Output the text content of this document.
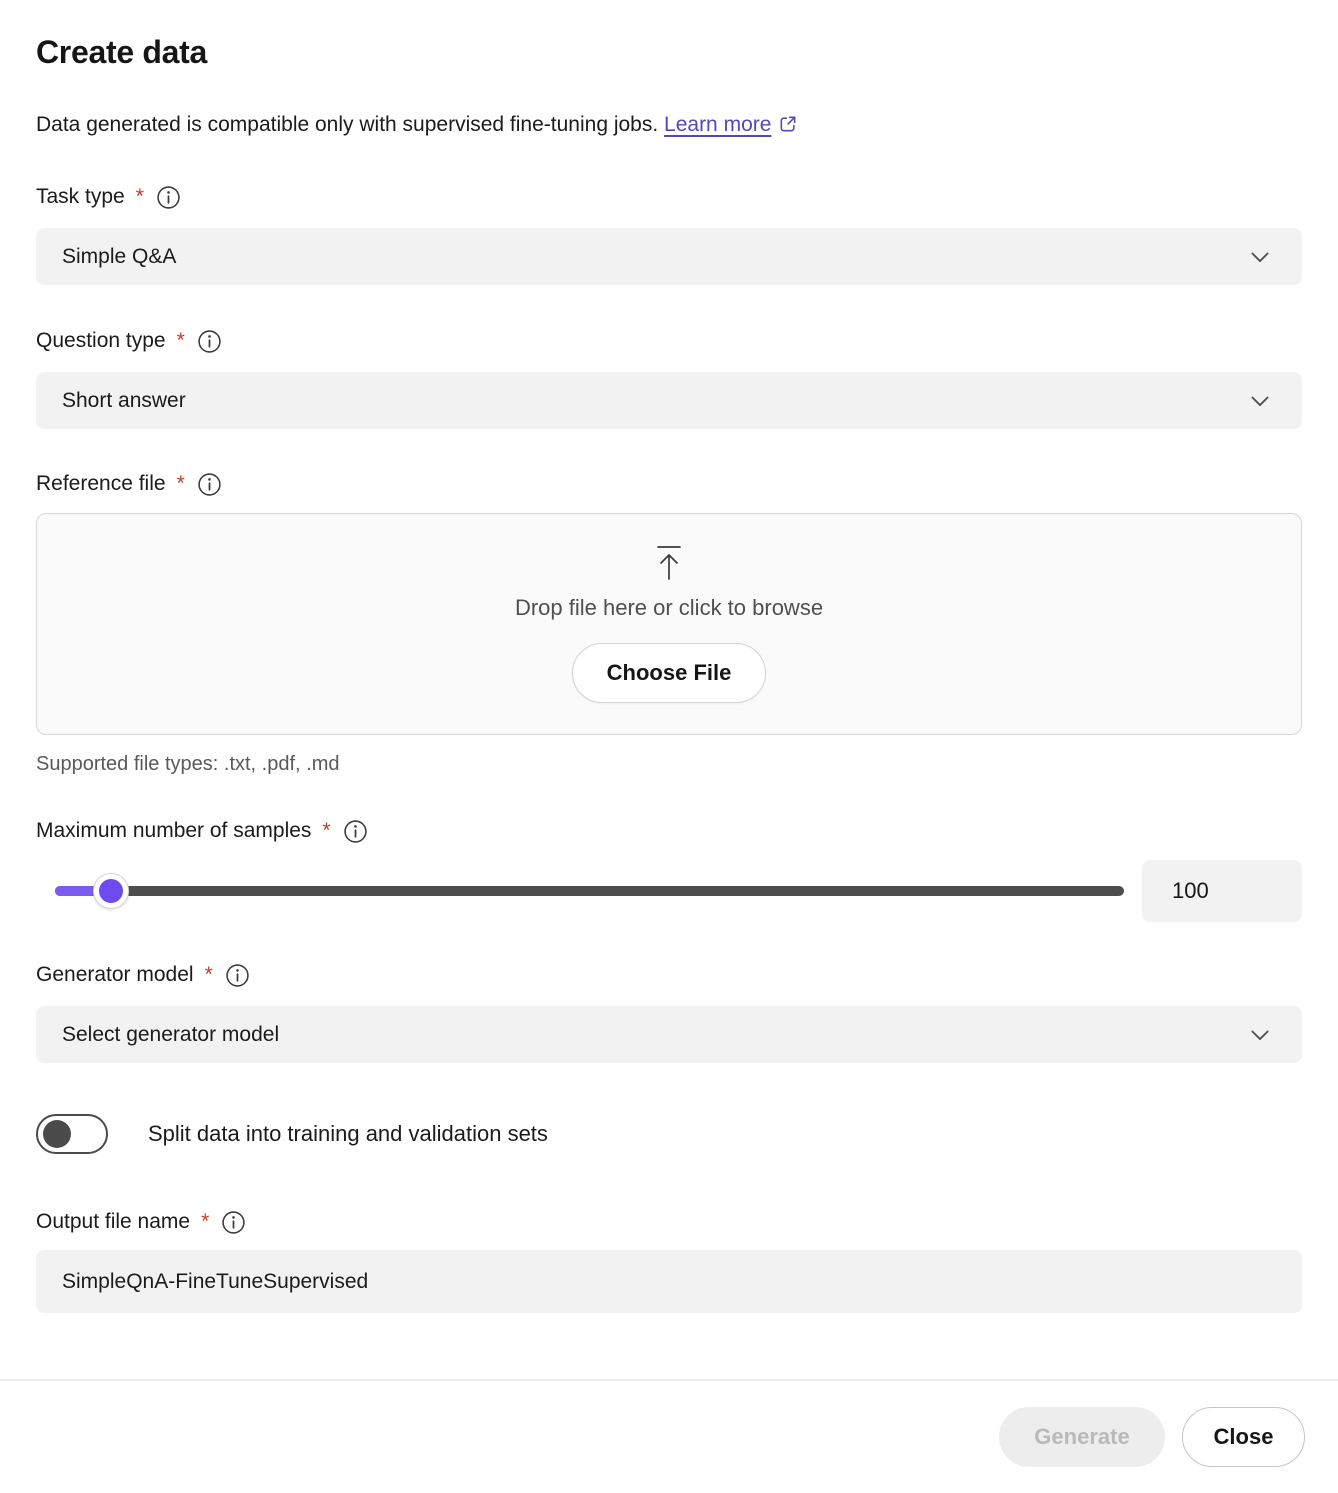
Create data

Data generated is compatible only with supervised fine-tuning jobs. Learn more

Task type *
Simple Q&A
Question type *
Short answer
Reference file *
Drop file here or click to browse
Choose File
Supported file types: .txt, .pdf, .md
Maximum number of samples *
100
Generator model *
Select generator model
Split data into training and validation sets
Output file name *
SimpleQnA-FineTuneSupervised
Generate	Close
